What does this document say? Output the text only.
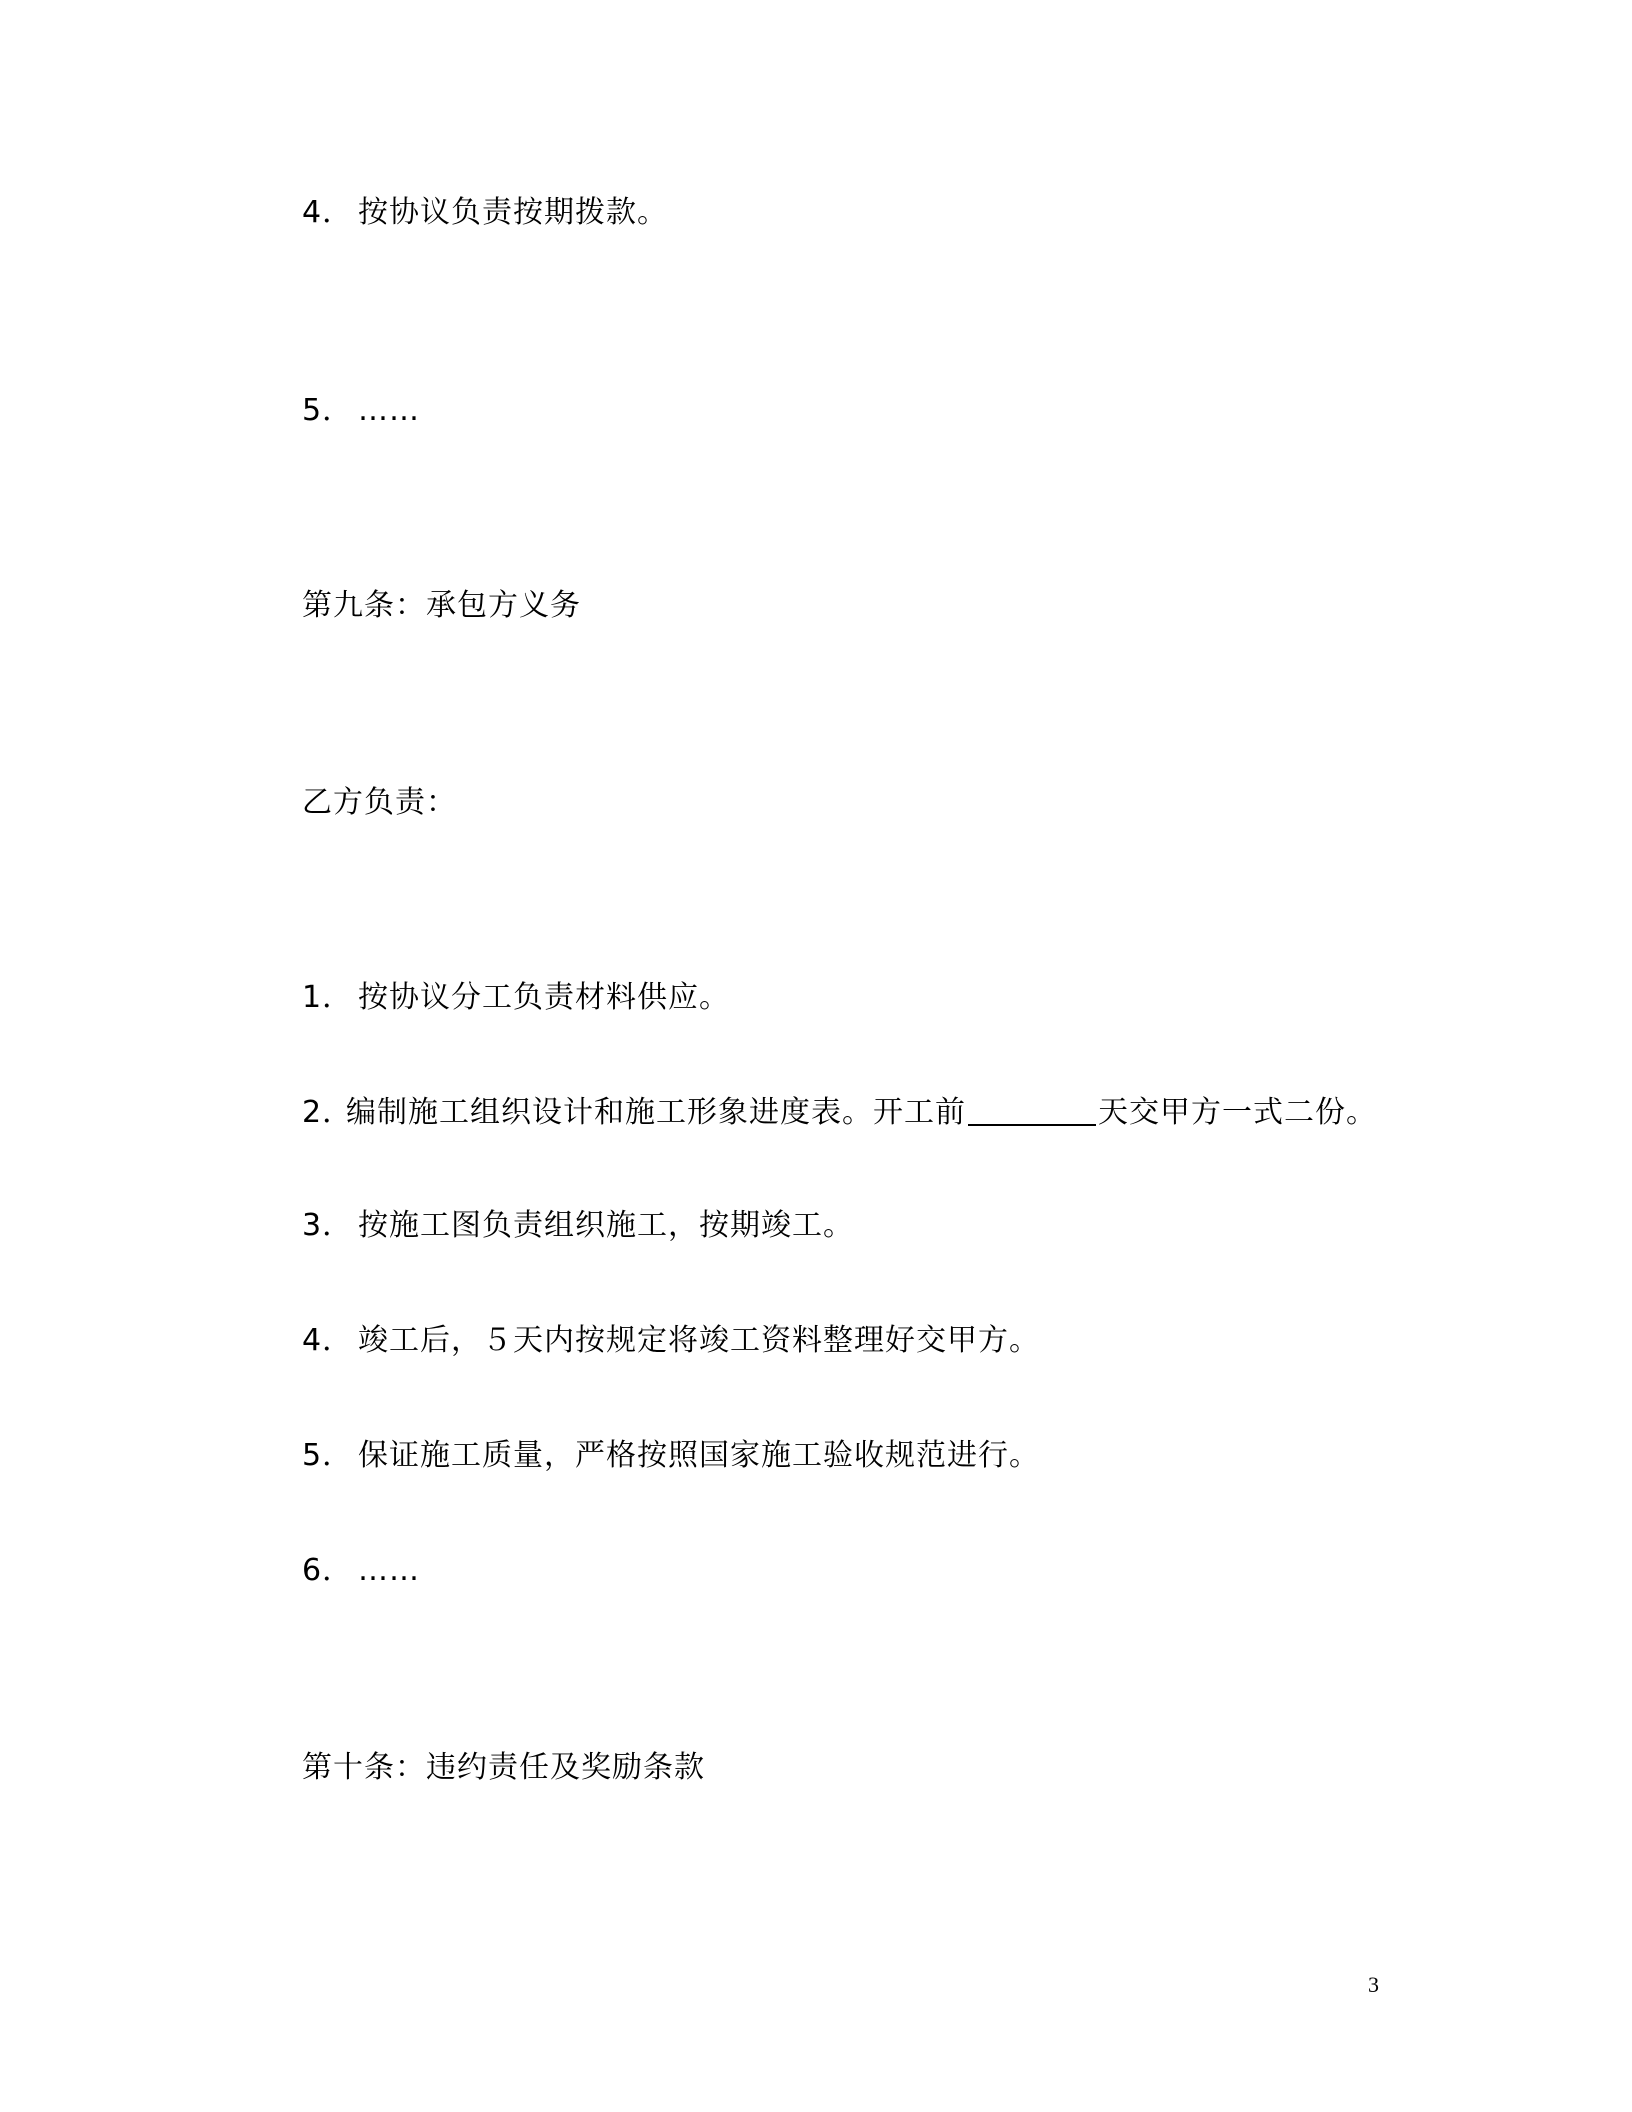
4． 按协议负责按期拨款。
5． ……
第九条：承包方义务
乙方负责：
1． 按协议分工负责材料供应。
2．编制施工组织设计和施工形象进度表。开工前	天交甲方一式二份。
3． 按施工图负责组织施工，按期竣工。
4． 竣工后，５天内按规定将竣工资料整理好交甲方。
5． 保证施工质量，严格按照国家施工验收规范进行。
6． ……
第十条：违约责任及奖励条款
3
